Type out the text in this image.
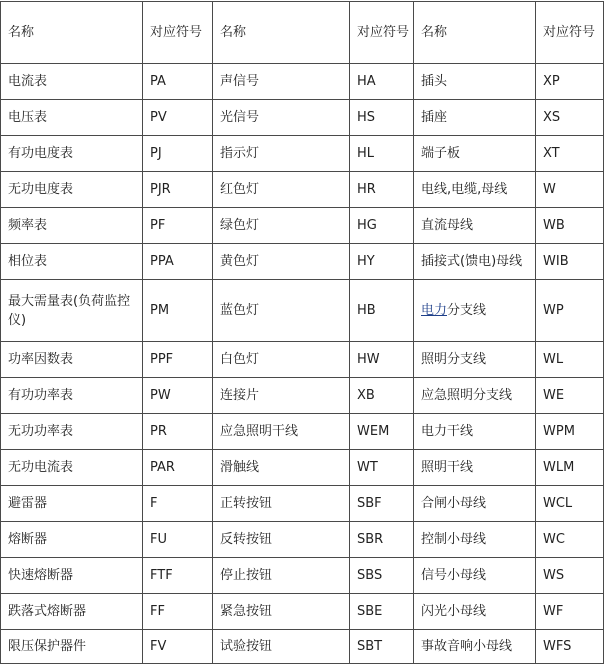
名称	对应符号	名称	对应符号	名称	对应符号
电流表	PA	声信号	HA	插头	XP
电压表	PV	光信号	HS	插座	XS
有功电度表	PJ	指示灯	HL	端子板	XT
无功电度表	PJR	红色灯	HR	电线,电缆,母线	W
频率表	PF	绿色灯	HG	直流母线	WB
相位表	PPA	黄色灯	HY	插接式(馈电)母线	WIB
最大需量表(负荷监控仪)	PM	蓝色灯	HB	电力分支线	WP
功率因数表	PPF	白色灯	HW	照明分支线	WL
有功功率表	PW	连接片	XB	应急照明分支线	WE
无功功率表	PR	应急照明干线	WEM	电力干线	WPM
无功电流表	PAR	滑触线	WT	照明干线	WLM
避雷器	F	正转按钮	SBF	合闸小母线	WCL
熔断器	FU	反转按钮	SBR	控制小母线	WC
快速熔断器	FTF	停止按钮	SBS	信号小母线	WS
跌落式熔断器	FF	紧急按钮	SBE	闪光小母线	WF
限压保护器件	FV	试验按钮	SBT	事故音响小母线	WFS
